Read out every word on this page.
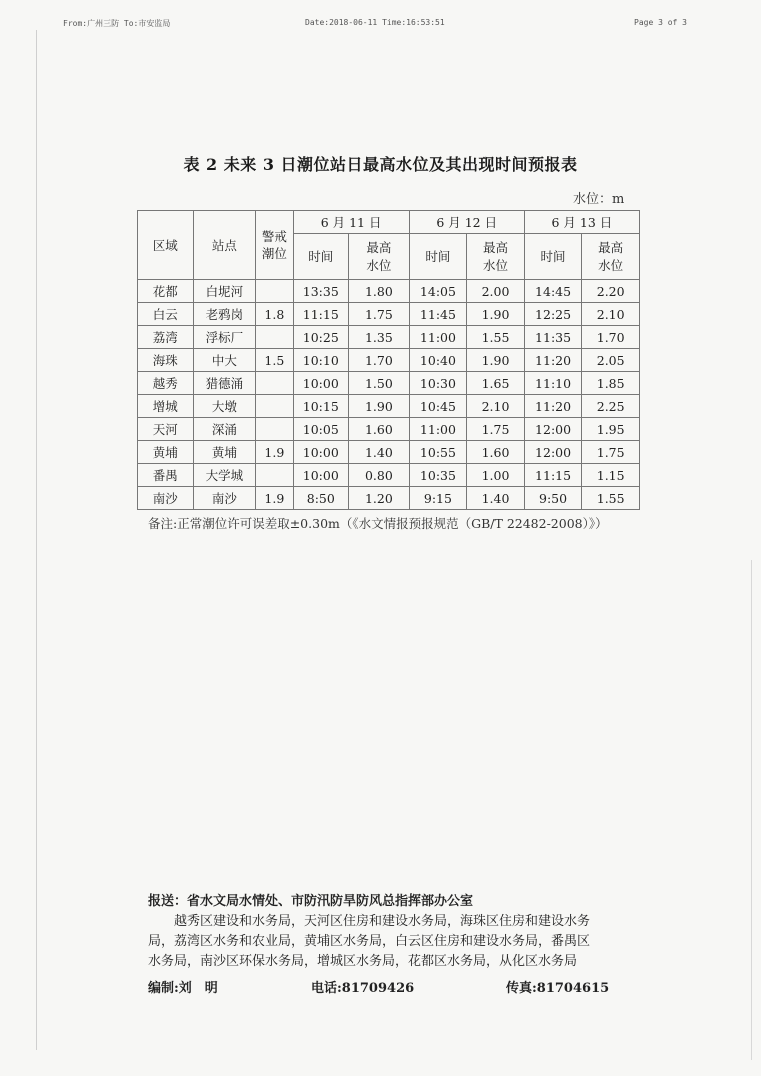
From:广州三防 To:市安监局	Date:2018-06-11 Time:16:53:51	Page 3 of 3
表 2 未来 3 日潮位站日最高水位及其出现时间预报表
水位：m
区域	站点	警戒潮位	6 月 11 日		6 月 12 日		6 月 13 日	
			时间	最高水位	时间	最高水位	时间	最高水位
花都	白坭河		13:35	1.80	14:05	2.00	14:45	2.20
白云	老鸦岗	1.8	11:15	1.75	11:45	1.90	12:25	2.10
荔湾	浮标厂		10:25	1.35	11:00	1.55	11:35	1.70
海珠	中大	1.5	10:10	1.70	10:40	1.90	11:20	2.05
越秀	猎德涌		10:00	1.50	10:30	1.65	11:10	1.85
增城	大墩		10:15	1.90	10:45	2.10	11:20	2.25
天河	深涌		10:05	1.60	11:00	1.75	12:00	1.95
黄埔	黄埔	1.9	10:00	1.40	10:55	1.60	12:00	1.75
番禺	大学城		10:00	0.80	10:35	1.00	11:15	1.15
南沙	南沙	1.9	8:50	1.20	9:15	1.40	9:50	1.55
备注:正常潮位许可误差取±0.30m（《水文情报预报规范（GB/T 22482-2008）》）
报送：省水文局水情处、市防汛防旱防风总指挥部办公室
越秀区建设和水务局，天河区住房和建设水务局，海珠区住房和建设水务
局，荔湾区水务和农业局，黄埔区水务局，白云区住房和建设水务局，番禺区
水务局，南沙区环保水务局，增城区水务局，花都区水务局，从化区水务局
编制:刘　明	电话:81709426	传真:81704615
